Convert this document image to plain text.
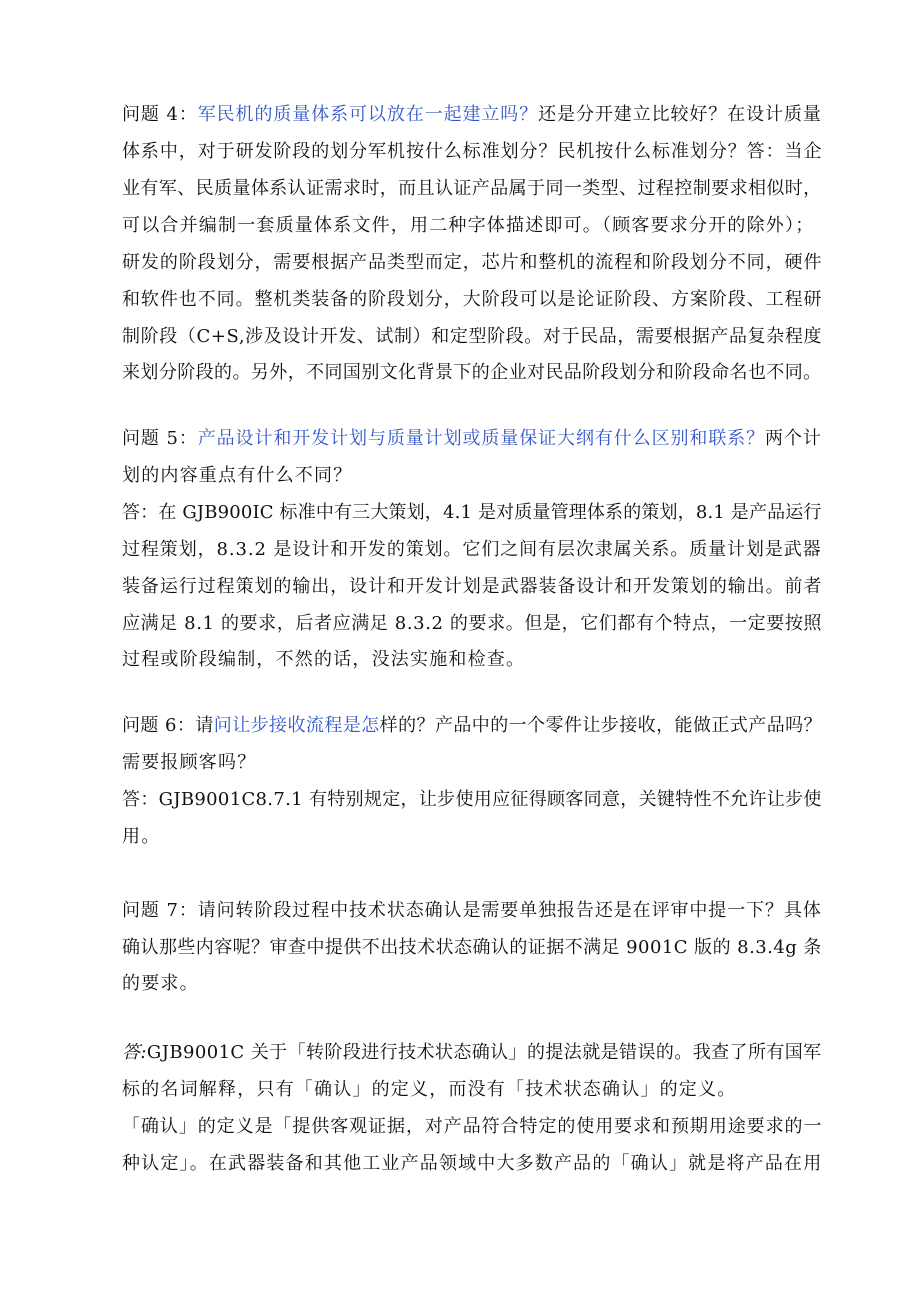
问题 4：军民机的质量体系可以放在一起建立吗？还是分开建立比较好？在设计质量
体系中，对于研发阶段的划分军机按什么标准划分？民机按什么标准划分？答：当企
业有军、民质量体系认证需求时，而且认证产品属于同一类型、过程控制要求相似时，
可以合并编制一套质量体系文件，用二种字体描述即可。（顾客要求分开的除外）；
研发的阶段划分，需要根据产品类型而定，芯片和整机的流程和阶段划分不同，硬件
和软件也不同。整机类装备的阶段划分，大阶段可以是论证阶段、方案阶段、工程研
制阶段（C+S,涉及设计开发、试制）和定型阶段。对于民品，需要根据产品复杂程度
来划分阶段的。另外，不同国别文化背景下的企业对民品阶段划分和阶段命名也不同。
问题 5：产品设计和开发计划与质量计划或质量保证大纲有什么区别和联系？两个计
划的内容重点有什么不同？
答：在 GJB900IC 标准中有三大策划，4.1 是对质量管理体系的策划，8.1 是产品运行
过程策划，8.3.2 是设计和开发的策划。它们之间有层次隶属关系。质量计划是武器
装备运行过程策划的输出，设计和开发计划是武器装备设计和开发策划的输出。前者
应满足 8.1 的要求，后者应满足 8.3.2 的要求。但是，它们都有个特点，一定要按照
过程或阶段编制，不然的话，没法实施和检查。
问题 6：请问让步接收流程是怎样的？产品中的一个零件让步接收，能做正式产品吗？
需要报顾客吗？
答：GJB9001C8.7.1 有特别规定，让步使用应征得顾客同意，关键特性不允许让步使
用。
问题 7：请问转阶段过程中技术状态确认是需要单独报告还是在评审中提一下？具体
确认那些内容呢？审查中提供不出技术状态确认的证据不满足 9001C 版的 8.3.4g 条
的要求。
答:GJB9001C 关于「转阶段进行技术状态确认」的提法就是错误的。我查了所有国军
标的名词解释，只有「确认」的定义，而没有「技术状态确认」的定义。
「确认」的定义是「提供客观证据，对产品符合特定的使用要求和预期用途要求的一
种认定」。在武器装备和其他工业产品领域中大多数产品的「确认」就是将产品在用
